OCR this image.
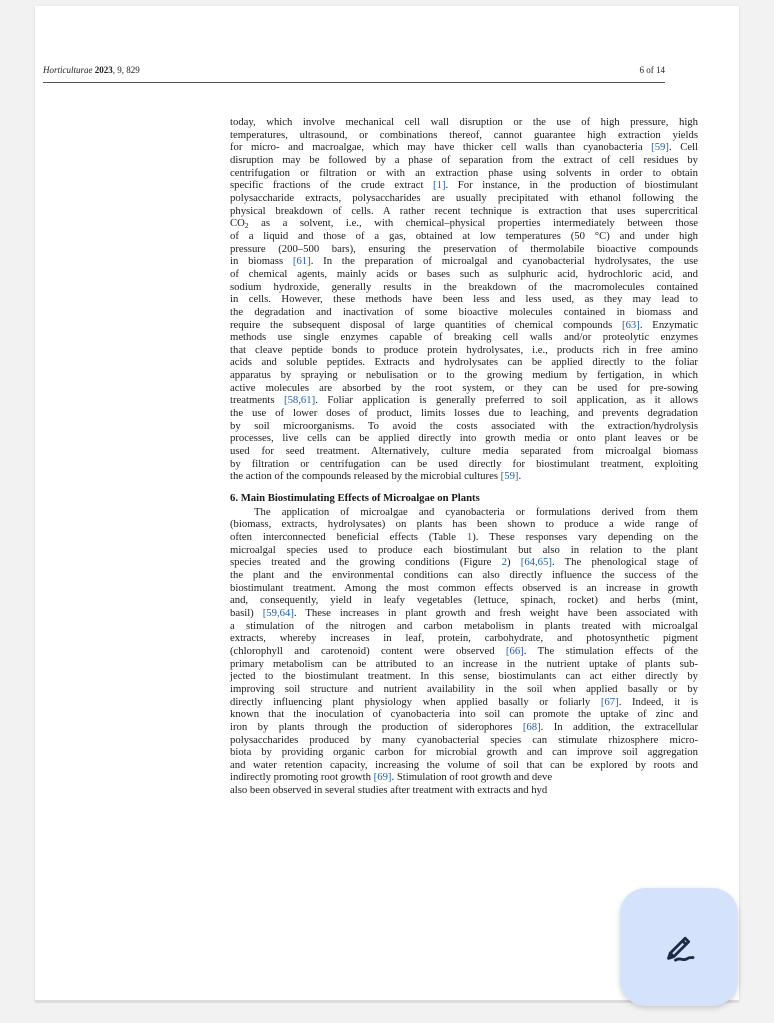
Horticulturae 2023, 9, 829	6 of 14
today, which involve mechanical cell wall disruption or the use of high pressure, high
temperatures, ultrasound, or combinations thereof, cannot guarantee high extraction yields
for micro- and macroalgae, which may have thicker cell walls than cyanobacteria [59]. Cell
disruption may be followed by a phase of separation from the extract of cell residues by
centrifugation or filtration or with an extraction phase using solvents in order to obtain
specific fractions of the crude extract [1]. For instance, in the production of biostimulant
polysaccharide extracts, polysaccharides are usually precipitated with ethanol following the
physical breakdown of cells. A rather recent technique is extraction that uses supercritical
$CO_2$ as a solvent, i.e., with chemical–physical properties intermediately between those
of a liquid and those of a gas, obtained at low temperatures (50 °C) and under high
pressure (200–500 bars), ensuring the preservation of thermolabile bioactive compounds
in biomass [61]. In the preparation of microalgal and cyanobacterial hydrolysates, the use
of chemical agents, mainly acids or bases such as sulphuric acid, hydrochloric acid, and
sodium hydroxide, generally results in the breakdown of the macromolecules contained
in cells. However, these methods have been less and less used, as they may lead to
the degradation and inactivation of some bioactive molecules contained in biomass and
require the subsequent disposal of large quantities of chemical compounds [63]. Enzymatic
methods use single enzymes capable of breaking cell walls and/or proteolytic enzymes
that cleave peptide bonds to produce protein hydrolysates, i.e., products rich in free amino
acids and soluble peptides. Extracts and hydrolysates can be applied directly to the foliar
apparatus by spraying or nebulisation or to the growing medium by fertigation, in which
active molecules are absorbed by the root system, or they can be used for pre-sowing
treatments [58,61]. Foliar application is generally preferred to soil application, as it allows
the use of lower doses of product, limits losses due to leaching, and prevents degradation
by soil microorganisms. To avoid the costs associated with the extraction/hydrolysis
processes, live cells can be applied directly into growth media or onto plant leaves or be
used for seed treatment. Alternatively, culture media separated from microalgal biomass
by filtration or centrifugation can be used directly for biostimulant treatment, exploiting
the action of the compounds released by the microbial cultures [59].
6. Main Biostimulating Effects of Microalgae on Plants
The application of microalgae and cyanobacteria or formulations derived from them
(biomass, extracts, hydrolysates) on plants has been shown to produce a wide range of
often interconnected beneficial effects (Table 1). These responses vary depending on the
microalgal species used to produce each biostimulant but also in relation to the plant
species treated and the growing conditions (Figure 2) [64,65]. The phenological stage of
the plant and the environmental conditions can also directly influence the success of the
biostimulant treatment. Among the most common effects observed is an increase in growth
and, consequently, yield in leafy vegetables (lettuce, spinach, rocket) and herbs (mint,
basil) [59,64]. These increases in plant growth and fresh weight have been associated with
a stimulation of the nitrogen and carbon metabolism in plants treated with microalgal
extracts, whereby increases in leaf, protein, carbohydrate, and photosynthetic pigment
(chlorophyll and carotenoid) content were observed [66]. The stimulation effects of the
primary metabolism can be attributed to an increase in the nutrient uptake of plants sub-
jected to the biostimulant treatment. In this sense, biostimulants can act either directly by
improving soil structure and nutrient availability in the soil when applied basally or by
directly influencing plant physiology when applied basally or foliarly [67]. Indeed, it is
known that the inoculation of cyanobacteria into soil can promote the uptake of zinc and
iron by plants through the production of siderophores [68]. In addition, the extracellular
polysaccharides produced by many cyanobacterial species can stimulate rhizosphere micro-
biota by providing organic carbon for microbial growth and can improve soil aggregation
and water retention capacity, increasing the volume of soil that can be explored by roots and
indirectly promoting root growth [69]. Stimulation of root growth and deve
also been observed in several studies after treatment with extracts and hyd
